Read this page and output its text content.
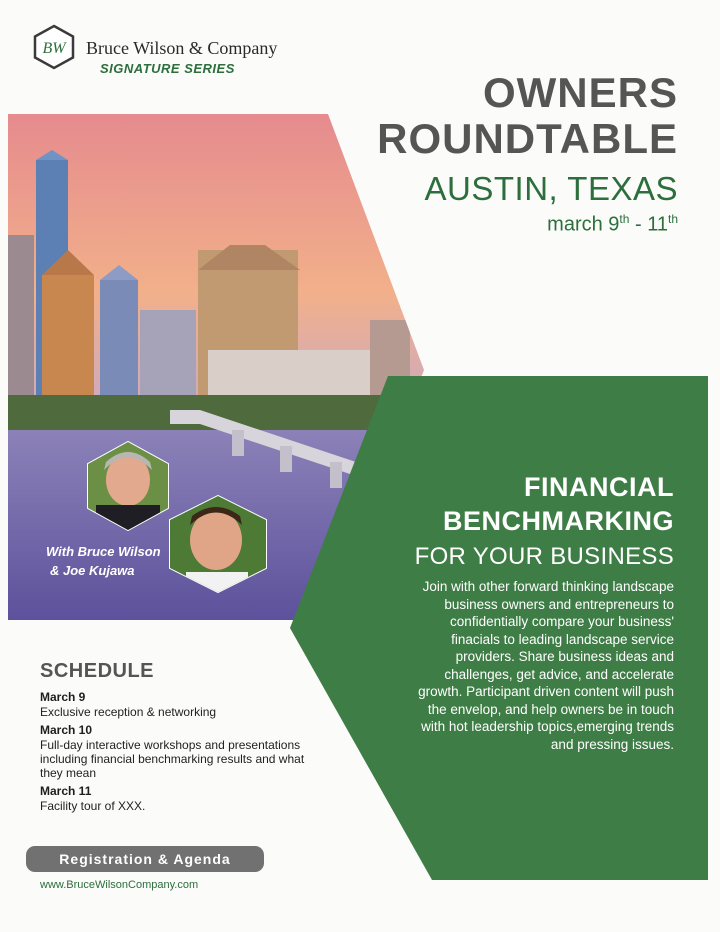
BW Bruce Wilson & Company
SIGNATURE SERIES
OWNERS
ROUNDTABLE
AUSTIN, TEXAS
march 9th - 11th
With Bruce Wilson
& Joe Kujawa
FINANCIAL
BENCHMARKING
FOR YOUR BUSINESS
Join with other forward thinking landscape business owners and entrepreneurs to confidentially compare your business' finacials to leading landscape service providers. Share business ideas and challenges, get advice, and accelerate growth. Participant driven content will push the envelop, and help owners be in touch with hot leadership topics,emerging trends and pressing issues.
SCHEDULE
March 9
Exclusive reception & networking
March 10
Full-day interactive workshops and presentations including financial benchmarking results and what they mean
March 11
Facility tour of XXX.
Registration & Agenda
www.BruceWilsonCompany.com
